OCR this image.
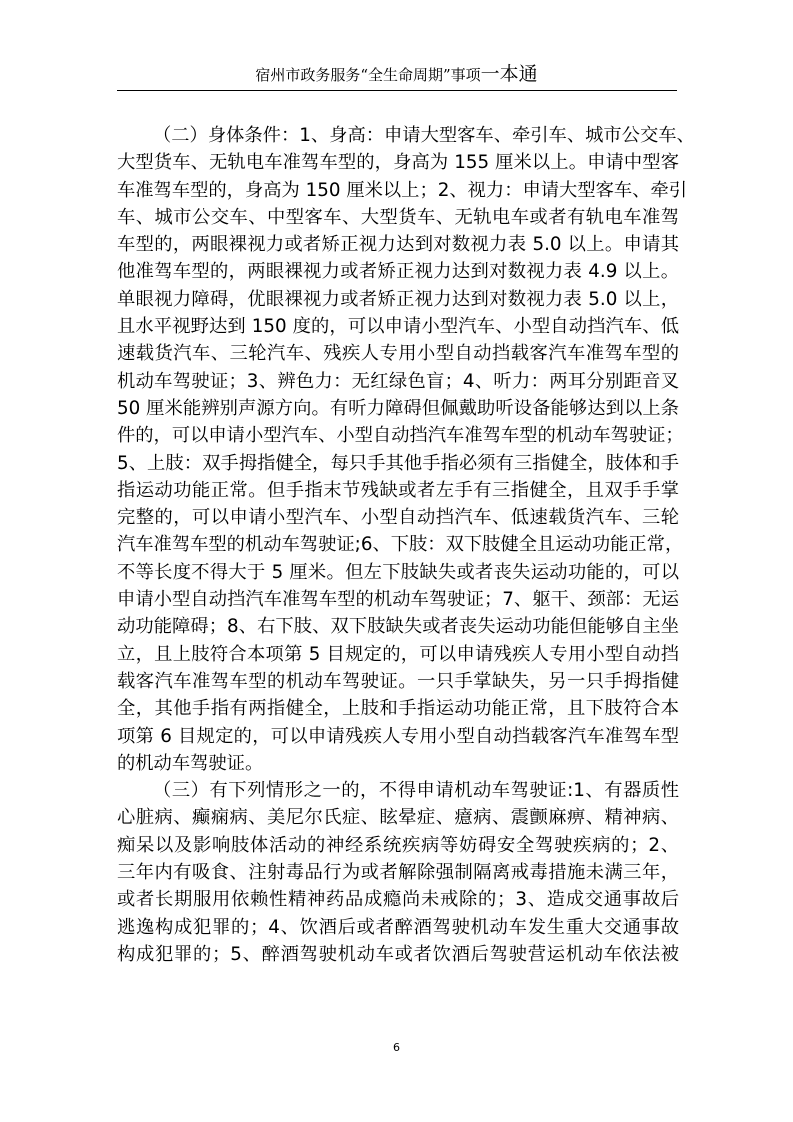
宿州市政务服务“全生命周期”事项一本通
（二）身体条件：1、身高：申请大型客车、牵引车、城市公交车、
大型货车、无轨电车准驾车型的，身高为 155 厘米以上。申请中型客
车准驾车型的，身高为 150 厘米以上；2、视力：申请大型客车、牵引
车、城市公交车、中型客车、大型货车、无轨电车或者有轨电车准驾
车型的，两眼裸视力或者矫正视力达到对数视力表 5.0 以上。申请其
他准驾车型的，两眼裸视力或者矫正视力达到对数视力表 4.9 以上。
单眼视力障碍，优眼裸视力或者矫正视力达到对数视力表 5.0 以上，
且水平视野达到 150 度的，可以申请小型汽车、小型自动挡汽车、低
速载货汽车、三轮汽车、残疾人专用小型自动挡载客汽车准驾车型的
机动车驾驶证；3、辨色力：无红绿色盲；4、听力：两耳分别距音叉
50 厘米能辨别声源方向。有听力障碍但佩戴助听设备能够达到以上条
件的，可以申请小型汽车、小型自动挡汽车准驾车型的机动车驾驶证；
5、上肢：双手拇指健全，每只手其他手指必须有三指健全，肢体和手
指运动功能正常。但手指末节残缺或者左手有三指健全，且双手手掌
完整的，可以申请小型汽车、小型自动挡汽车、低速载货汽车、三轮
汽车准驾车型的机动车驾驶证;6、下肢：双下肢健全且运动功能正常，
不等长度不得大于 5 厘米。但左下肢缺失或者丧失运动功能的，可以
申请小型自动挡汽车准驾车型的机动车驾驶证；7、躯干、颈部：无运
动功能障碍；8、右下肢、双下肢缺失或者丧失运动功能但能够自主坐
立，且上肢符合本项第 5 目规定的，可以申请残疾人专用小型自动挡
载客汽车准驾车型的机动车驾驶证。一只手掌缺失，另一只手拇指健
全，其他手指有两指健全，上肢和手指运动功能正常，且下肢符合本
项第 6 目规定的，可以申请残疾人专用小型自动挡载客汽车准驾车型
的机动车驾驶证。
（三）有下列情形之一的，不得申请机动车驾驶证:1、有器质性
心脏病、癫痫病、美尼尔氏症、眩晕症、癔病、震颤麻痹、精神病、
痴呆以及影响肢体活动的神经系统疾病等妨碍安全驾驶疾病的；2、
三年内有吸食、注射毒品行为或者解除强制隔离戒毒措施未满三年，
或者长期服用依赖性精神药品成瘾尚未戒除的；3、造成交通事故后
逃逸构成犯罪的；4、饮酒后或者醉酒驾驶机动车发生重大交通事故
构成犯罪的；5、醉酒驾驶机动车或者饮酒后驾驶营运机动车依法被
6
